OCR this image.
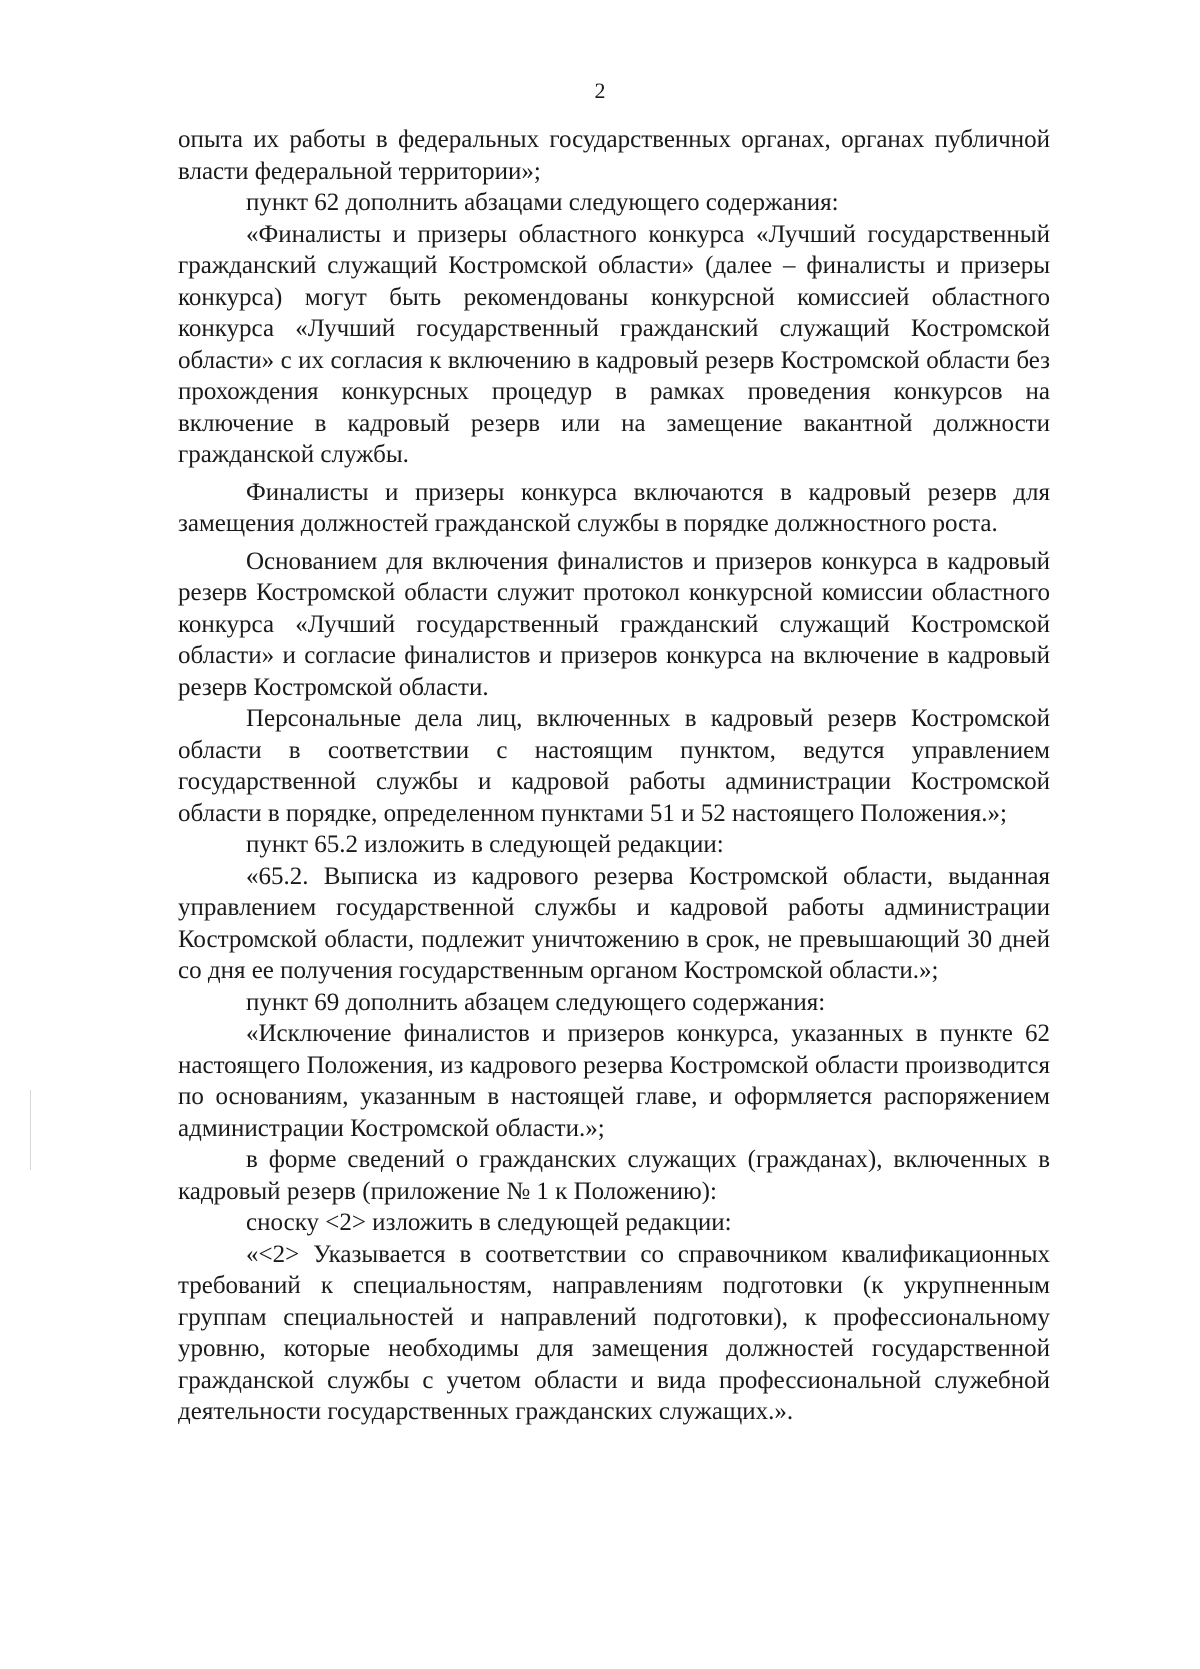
2

опыта их работы в федеральных государственных органах, органах публичной власти федеральной территории»;

пункт 62 дополнить абзацами следующего содержания:

«Финалисты и призеры областного конкурса «Лучший государственный гражданский служащий Костромской области» (далее – финалисты и призеры конкурса) могут быть рекомендованы конкурсной комиссией областного конкурса «Лучший государственный гражданский служащий Костромской области» с их согласия к включению в кадровый резерв Костромской области без прохождения конкурсных процедур в рамках проведения конкурсов на включение в кадровый резерв или на замещение вакантной должности гражданской службы.

Финалисты и призеры конкурса включаются в кадровый резерв для замещения должностей гражданской службы в порядке должностного роста.

Основанием для включения финалистов и призеров конкурса в кадровый резерв Костромской области служит протокол конкурсной комиссии областного конкурса «Лучший государственный гражданский служащий Костромской области» и согласие финалистов и призеров конкурса на включение в кадровый резерв Костромской области.

Персональные дела лиц, включенных в кадровый резерв Костромской области в соответствии с настоящим пунктом, ведутся управлением государственной службы и кадровой работы администрации Костромской области в порядке, определенном пунктами 51 и 52 настоящего Положения.»;

пункт 65.2 изложить в следующей редакции:

«65.2. Выписка из кадрового резерва Костромской области, выданная управлением государственной службы и кадровой работы администрации Костромской области, подлежит уничтожению в срок, не превышающий 30 дней со дня ее получения государственным органом Костромской области.»;

пункт 69 дополнить абзацем следующего содержания:

«Исключение финалистов и призеров конкурса, указанных в пункте 62 настоящего Положения, из кадрового резерва Костромской области производится по основаниям, указанным в настоящей главе, и оформляется распоряжением администрации Костромской области.»;

в форме сведений о гражданских служащих (гражданах), включенных в кадровый резерв (приложение № 1 к Положению):

сноску <2> изложить в следующей редакции:

«<2> Указывается в соответствии со справочником квалификационных требований к специальностям, направлениям подготовки (к укрупненным группам специальностей и направлений подготовки), к профессиональному уровню, которые необходимы для замещения должностей государственной гражданской службы с учетом области и вида профессиональной служебной деятельности государственных гражданских служащих.».
